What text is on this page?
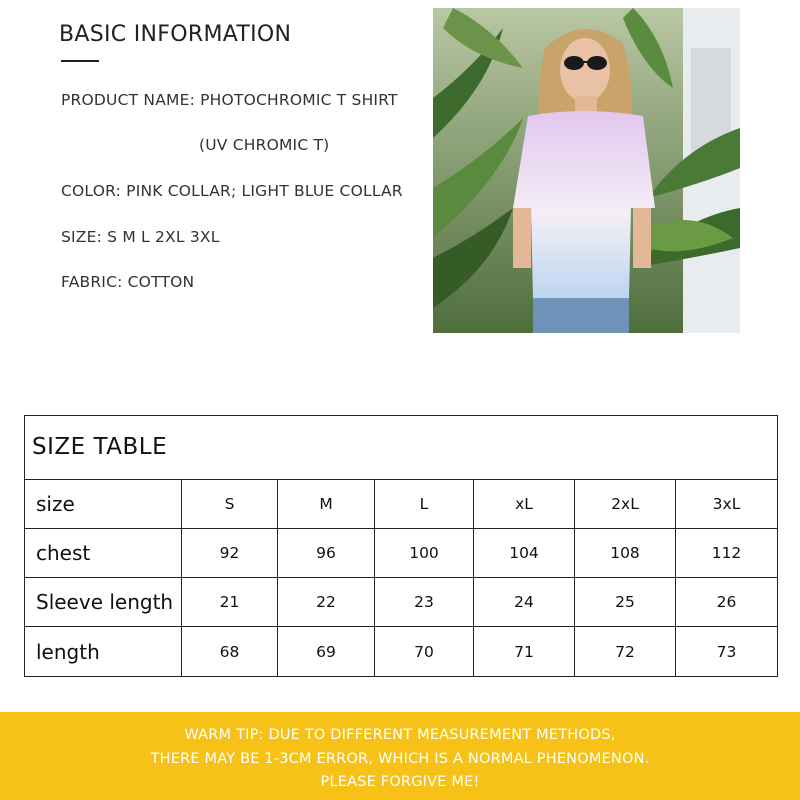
BASIC INFORMATION
PRODUCT NAME: PHOTOCHROMIC T SHIRT
(UV CHROMIC T)
COLOR: PINK COLLAR; LIGHT BLUE COLLAR
SIZE: S M L 2XL 3XL
FABRIC: COTTON
SIZE TABLE
size	S	M	L	xL	2xL	3xL
chest	92	96	100	104	108	112
Sleeve length	21	22	23	24	25	26
length	68	69	70	71	72	73
WARM TIP: DUE TO DIFFERENT MEASUREMENT METHODS,
THERE MAY BE 1-3CM ERROR, WHICH IS A NORMAL PHENOMENON.
PLEASE FORGIVE ME!
